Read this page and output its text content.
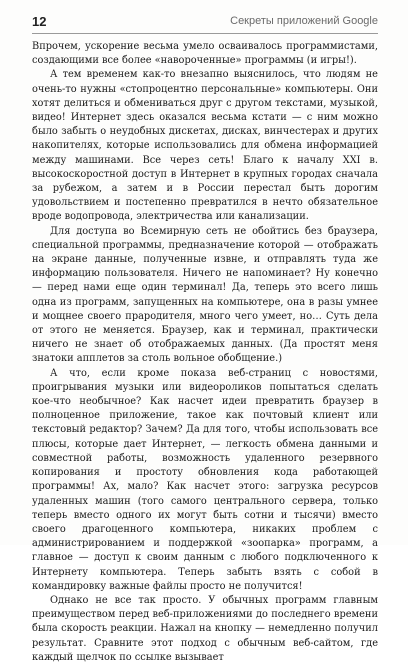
12	Секреты приложений Google

Впрочем, ускорение весьма умело осваивалось программистами, создающими все более «навороченные» программы (и игры!).

А тем временем как-то внезапно выяснилось, что людям не очень-то нужны «стопроцентно персональные» компьютеры. Они хотят делиться и обмениваться друг с другом текстами, музыкой, видео! Интернет здесь оказался весьма кстати — с ним можно было забыть о неудобных дискетах, дисках, винчестерах и других накопителях, которые использовались для обмена информацией между машинами. Все через сеть! Благо к началу XXI в. высокоскоростной доступ в Интернет в крупных городах сначала за рубежом, а затем и в России перестал быть дорогим удовольствием и постепенно превратился в нечто обязательное вроде водопровода, электричества или канализации.

Для доступа во Всемирную сеть не обойтись без браузера, специальной программы, предназначение которой — отображать на экране данные, полученные извне, и отправлять туда же информацию пользователя. Ничего не напоминает? Ну конечно — перед нами еще один терминал! Да, теперь это всего лишь одна из программ, запущенных на компьютере, она в разы умнее и мощнее своего прародителя, много чего умеет, но… Суть дела от этого не меняется. Браузер, как и терминал, практически ничего не знает об отображаемых данных. (Да простят меня знатоки апплетов за столь вольное обобщение.)

А что, если кроме показа веб-страниц с новостями, проигрывания музыки или видеороликов попытаться сделать кое-что необычное? Как насчет идеи превратить браузер в полноценное приложение, такое как почтовый клиент или текстовый редактор? Зачем? Да для того, чтобы использовать все плюсы, которые дает Интернет, — легкость обмена данными и совместной работы, возможность удаленного резервного копирования и простоту обновления кода работающей программы! Ах, мало? Как насчет этого: загрузка ресурсов удаленных машин (того самого центрального сервера, только теперь вместо одного их могут быть сотни и тысячи) вместо своего драгоценного компьютера, никаких проблем с администрированием и поддержкой «зоопарка» программ, а главное — доступ к своим данным с любого подключенного к Интернету компьютера. Теперь забыть взять с собой в командировку важные файлы просто не получится!

Однако не все так просто. У обычных программ главным преимуществом перед веб-приложениями до последнего времени была скорость реакции. Нажал на кнопку — немедленно получил результат. Сравните этот подход с обычным веб-сайтом, где каждый щелчок по ссылке вызывает
